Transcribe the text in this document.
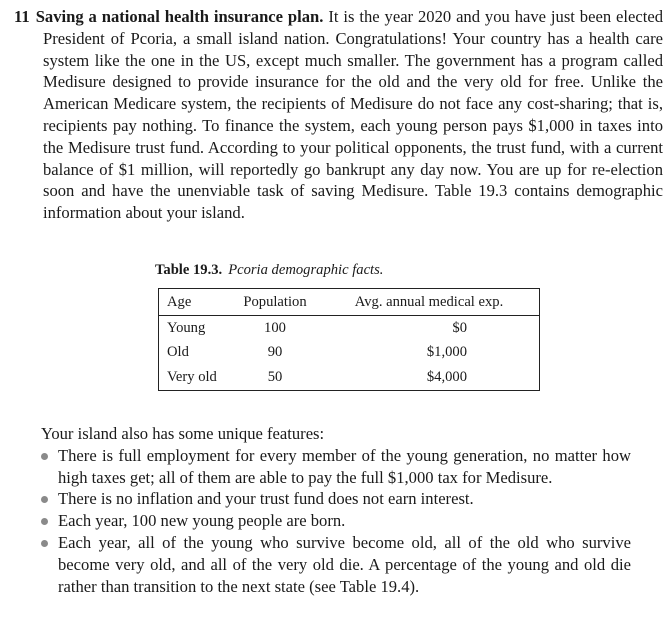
11 Saving a national health insurance plan. It is the year 2020 and you have just been elected President of Pcoria, a small island nation. Congratulations! Your country has a health care system like the one in the US, except much smaller. The government has a program called Medisure designed to provide insurance for the old and the very old for free. Unlike the American Medicare system, the recipients of Medisure do not face any cost-sharing; that is, recipients pay nothing. To finance the system, each young person pays $1,000 in taxes into the Medisure trust fund. According to your political opponents, the trust fund, with a current balance of $1 million, will reportedly go bankrupt any day now. You are up for re-election soon and have the unenviable task of saving Medisure. Table 19.3 contains demographic information about your island.
Table 19.3. Pcoria demographic facts.
Age	Population	Avg. annual medical exp.
Young	100	$0
Old	90	$1,000
Very old	50	$4,000

Your island also has some unique features:

There is full employment for every member of the young generation, no matter how high taxes get; all of them are able to pay the full $1,000 tax for Medisure.
There is no inflation and your trust fund does not earn interest.
Each year, 100 new young people are born.
Each year, all of the young who survive become old, all of the old who survive become very old, and all of the very old die. A percentage of the young and old die rather than transition to the next state (see Table 19.4).
